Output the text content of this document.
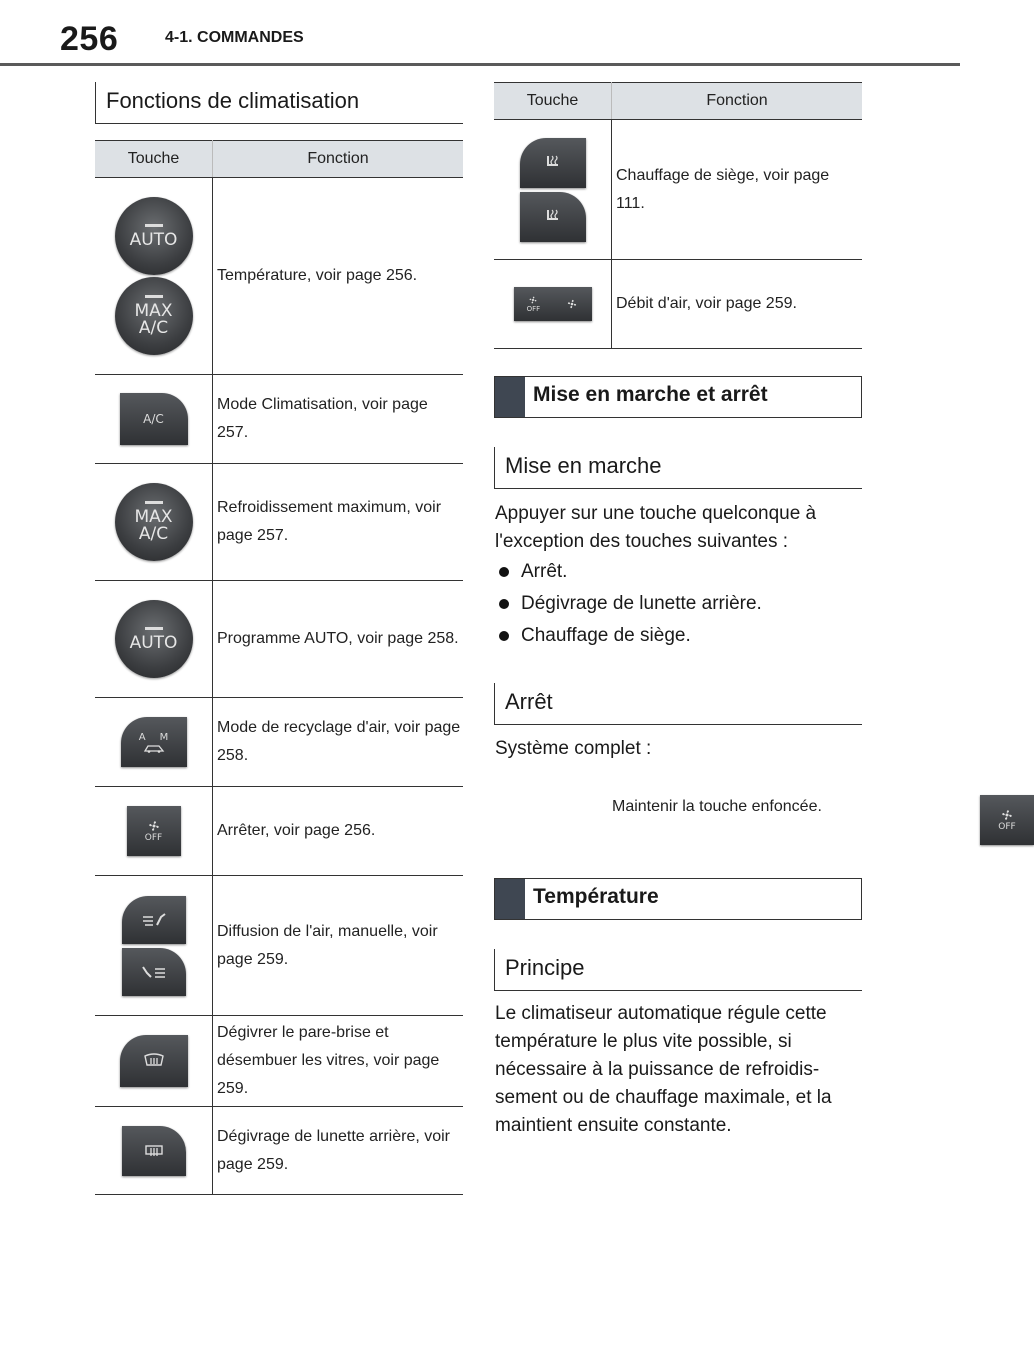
256	4-1. COMMANDES
Fonctions de climatisation
Touche	Fonction

AUTO
MAX
A/C	Température, voir page 256.

A/C	Mode Climatisation, voir page 257.

MAX
A/C	Refroidissement maximum, voir page 257.

AUTO	Programme AUTO, voir page 258.

AM	Mode de recyclage d'air, voir page 258.

OFF	Arrêter, voir page 256.

	Diffusion de l'air, manuelle, voir page 259.

	Dégivrer le pare-brise et désembuer les vitres, voir page 259.

	Dégivrage de lunette arrière, voir page 259.
Touche	Fonction

	Chauffage de siège, voir page 111.

OFF	Débit d'air, voir page 259.
Mise en marche et arrêt
Mise en marche
Appuyer sur une touche quelconque à l'exception des touches suivantes :
Arrêt.
Dégivrage de lunette arrière.
Chauffage de siège.
Arrêt
Système complet :
OFF
Maintenir la touche enfoncée.
Température
Principe
Le climatiseur automatique régule cette température le plus vite possible, si nécessaire à la puissance de refroidis-sement ou de chauffage maximale, et la maintient ensuite constante.
